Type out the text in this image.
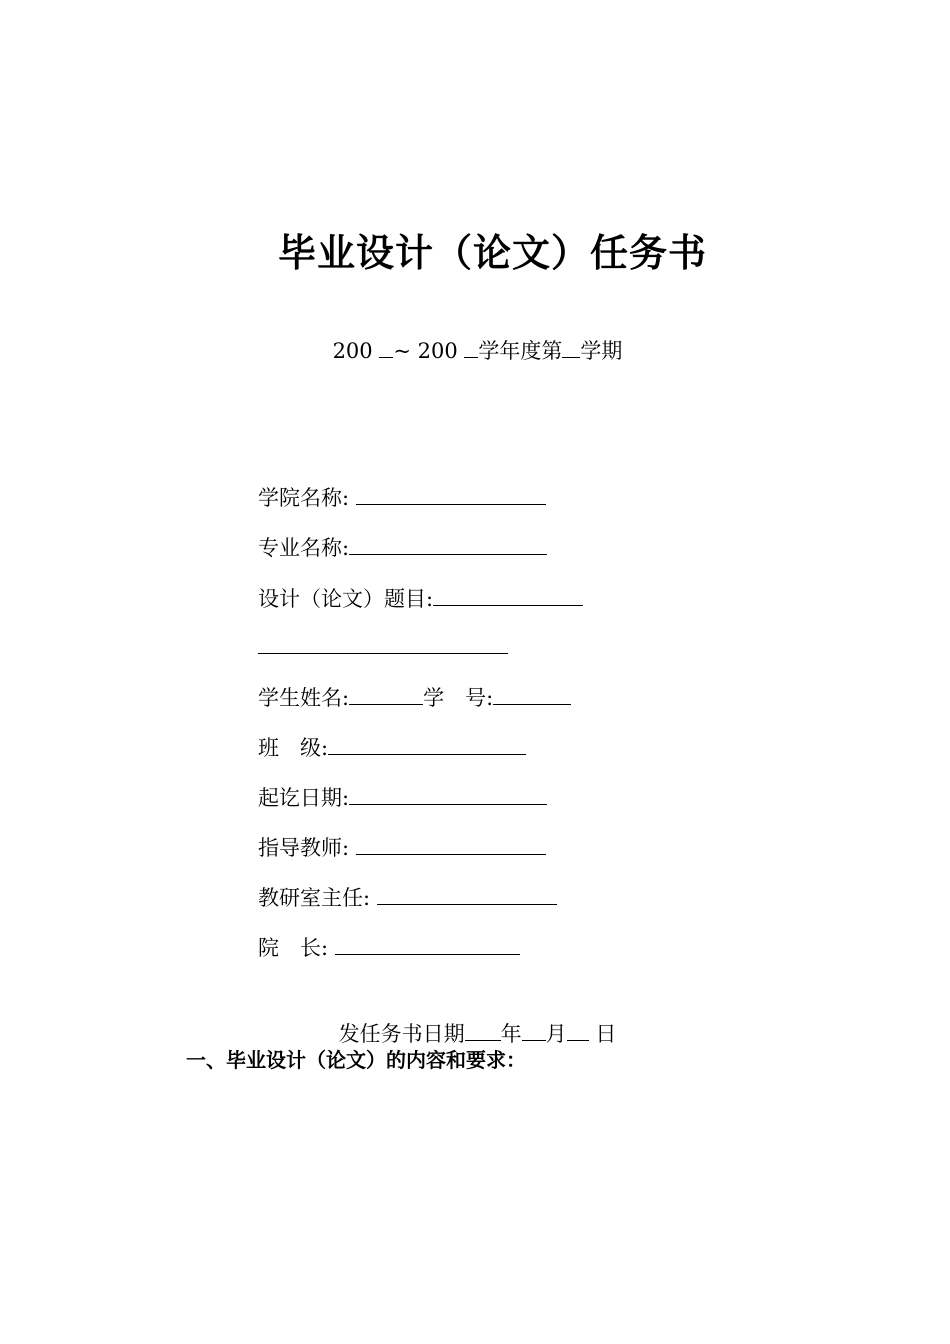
毕业设计（论文）任务书
200 ~ 200 学年度第 学期
学院名称:
专业名称:
设计（论文）题目:
学生姓名:	学　号:
班　级:
起讫日期:
指导教师:
教研室主任:
院　长:
发任务书日期 年 月 日
一、毕业设计（论文）的内容和要求：
